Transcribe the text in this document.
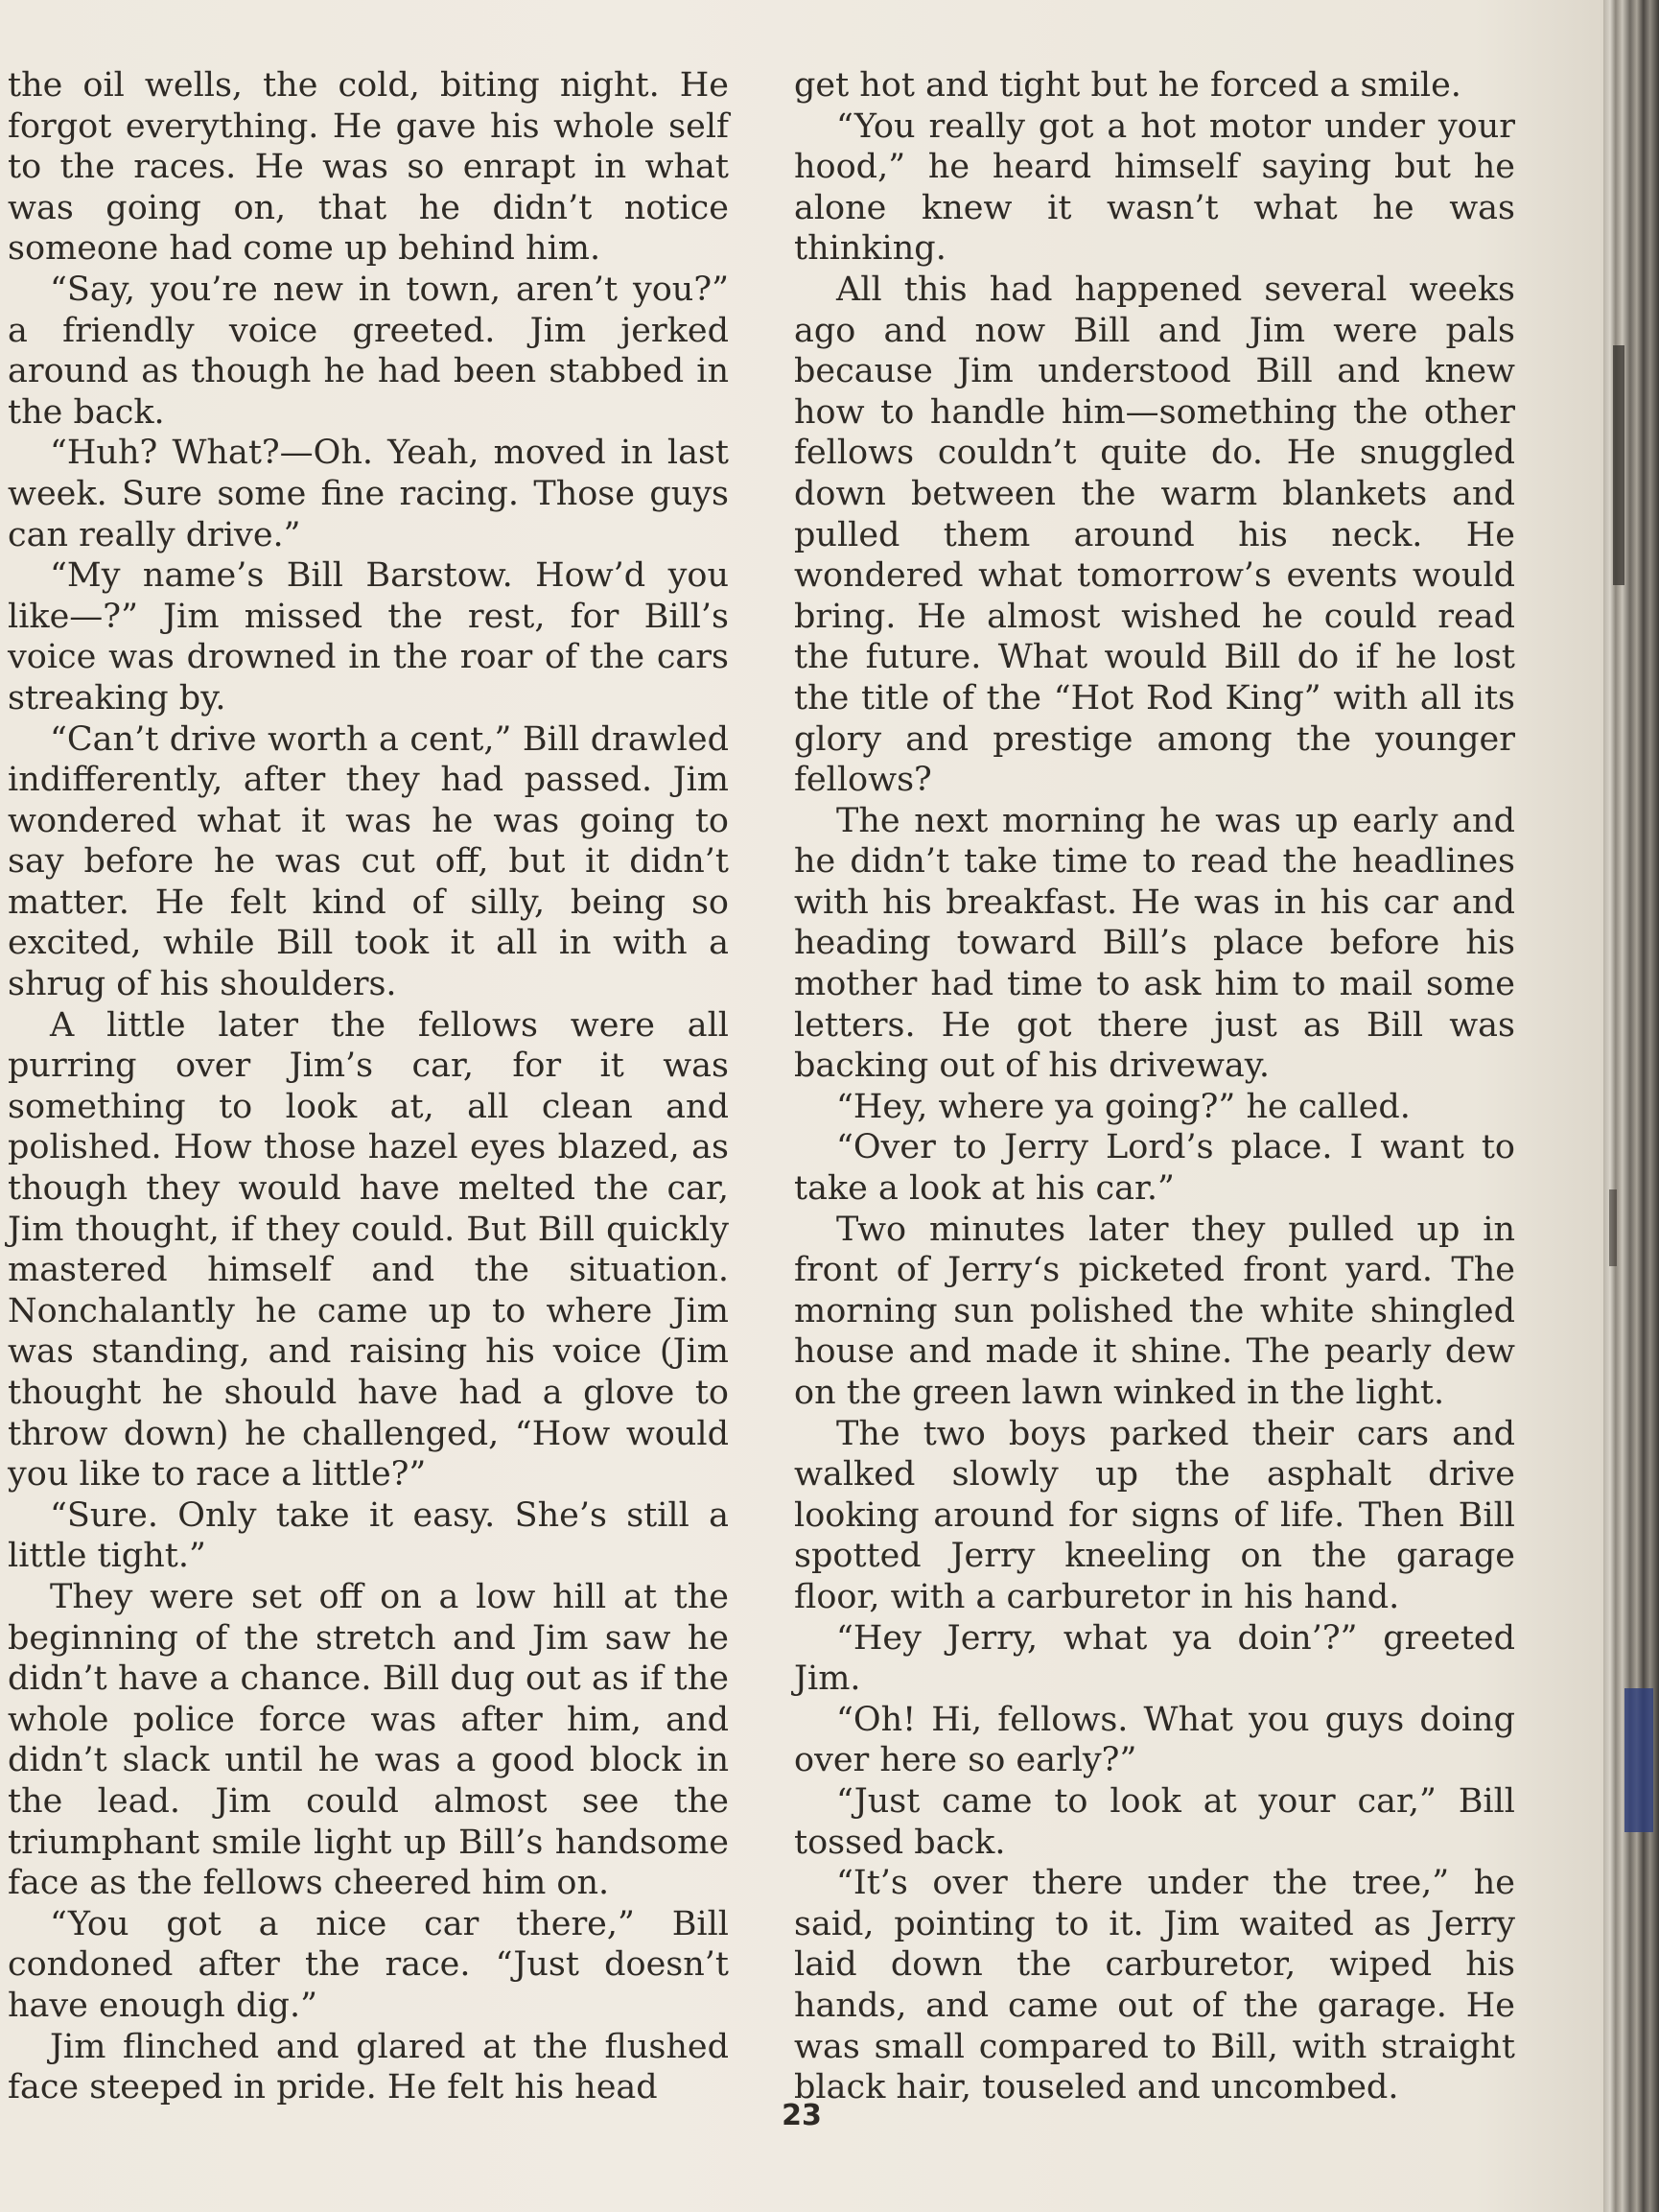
the oil wells, the cold, biting night. He forgot everything. He gave his whole self to the races. He was so enrapt in what was going on, that he didn’t notice someone had come up behind him.

“Say, you’re new in town, aren’t you?” a friendly voice greeted. Jim jerked around as though he had been stabbed in the back.

“Huh? What?—Oh. Yeah, moved in last week. Sure some fine racing. Those guys can really drive.”

“My name’s Bill Barstow. How’d you like—?” Jim missed the rest, for Bill’s voice was drowned in the roar of the cars streaking by.

“Can’t drive worth a cent,” Bill drawled indifferently, after they had passed. Jim wondered what it was he was going to say before he was cut off, but it didn’t matter. He felt kind of silly, being so excited, while Bill took it all in with a shrug of his shoulders.

A little later the fellows were all purring over Jim’s car, for it was something to look at, all clean and polished. How those hazel eyes blazed, as though they would have melted the car, Jim thought, if they could. But Bill quickly mastered himself and the situation. Nonchalantly he came up to where Jim was standing, and raising his voice (Jim thought he should have had a glove to throw down) he challenged, “How would you like to race a little?”

“Sure. Only take it easy. She’s still a little tight.”

They were set off on a low hill at the beginning of the stretch and Jim saw he didn’t have a chance. Bill dug out as if the whole police force was after him, and didn’t slack until he was a good block in the lead. Jim could almost see the triumphant smile light up Bill’s handsome face as the fellows cheered him on.

“You got a nice car there,” Bill condoned after the race. “Just doesn’t have enough dig.”

Jim flinched and glared at the flushed face steeped in pride. He felt his head

get hot and tight but he forced a smile.

“You really got a hot motor under your hood,” he heard himself saying but he alone knew it wasn’t what he was thinking.

All this had happened several weeks ago and now Bill and Jim were pals because Jim understood Bill and knew how to handle him—something the other fellows couldn’t quite do. He snuggled down between the warm blankets and pulled them around his neck. He wondered what tomorrow’s events would bring. He almost wished he could read the future. What would Bill do if he lost the title of the “Hot Rod King” with all its glory and prestige among the younger fellows?

The next morning he was up early and he didn’t take time to read the headlines with his breakfast. He was in his car and heading toward Bill’s place before his mother had time to ask him to mail some letters. He got there just as Bill was backing out of his driveway.

“Hey, where ya going?” he called.

“Over to Jerry Lord’s place. I want to take a look at his car.”

Two minutes later they pulled up in front of Jerry‘s picketed front yard. The morning sun polished the white shingled house and made it shine. The pearly dew on the green lawn winked in the light.

The two boys parked their cars and walked slowly up the asphalt drive looking around for signs of life. Then Bill spotted Jerry kneeling on the garage floor, with a carburetor in his hand.

“Hey Jerry, what ya doin’?” greeted Jim.

“Oh! Hi, fellows. What you guys doing over here so early?”

“Just came to look at your car,” Bill tossed back.

“It’s over there under the tree,” he said, pointing to it. Jim waited as Jerry laid down the carburetor, wiped his hands, and came out of the garage. He was small compared to Bill, with straight black hair, touseled and uncombed.

23
